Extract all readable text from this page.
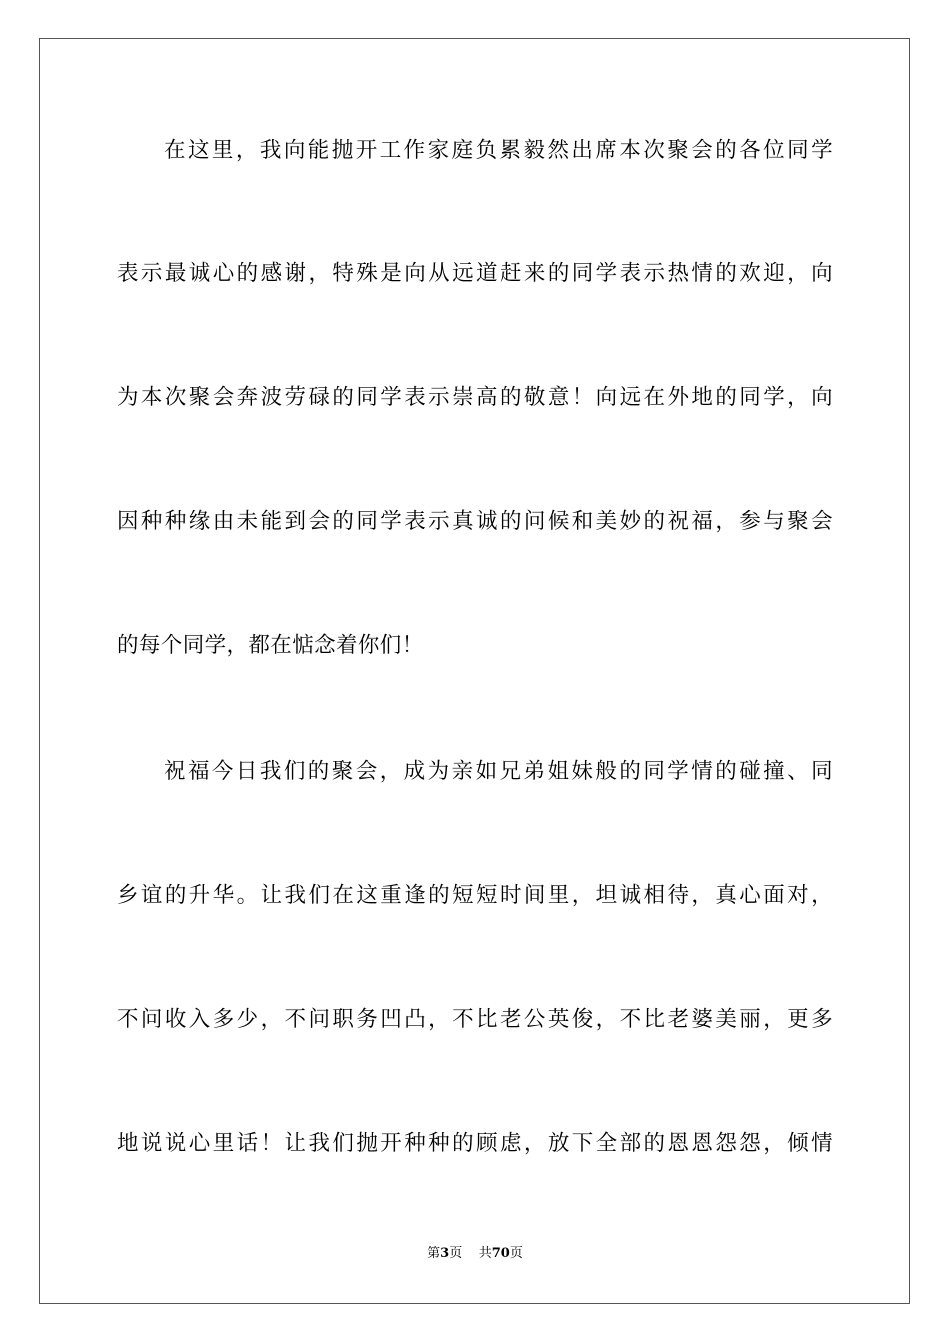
在这里，我向能抛开工作家庭负累毅然出席本次聚会的各位同学
表示最诚心的感谢，特殊是向从远道赶来的同学表示热情的欢迎，向
为本次聚会奔波劳碌的同学表示崇高的敬意！向远在外地的同学，向
因种种缘由未能到会的同学表示真诚的问候和美妙的祝福，参与聚会
的每个同学，都在惦念着你们！
祝福今日我们的聚会，成为亲如兄弟姐妹般的同学情的碰撞、同
乡谊的升华。让我们在这重逢的短短时间里，坦诚相待，真心面对，
不问收入多少，不问职务凹凸，不比老公英俊，不比老婆美丽，更多
地说说心里话！让我们抛开种种的顾虑，放下全部的恩恩怨怨，倾情
第3页 共70页
